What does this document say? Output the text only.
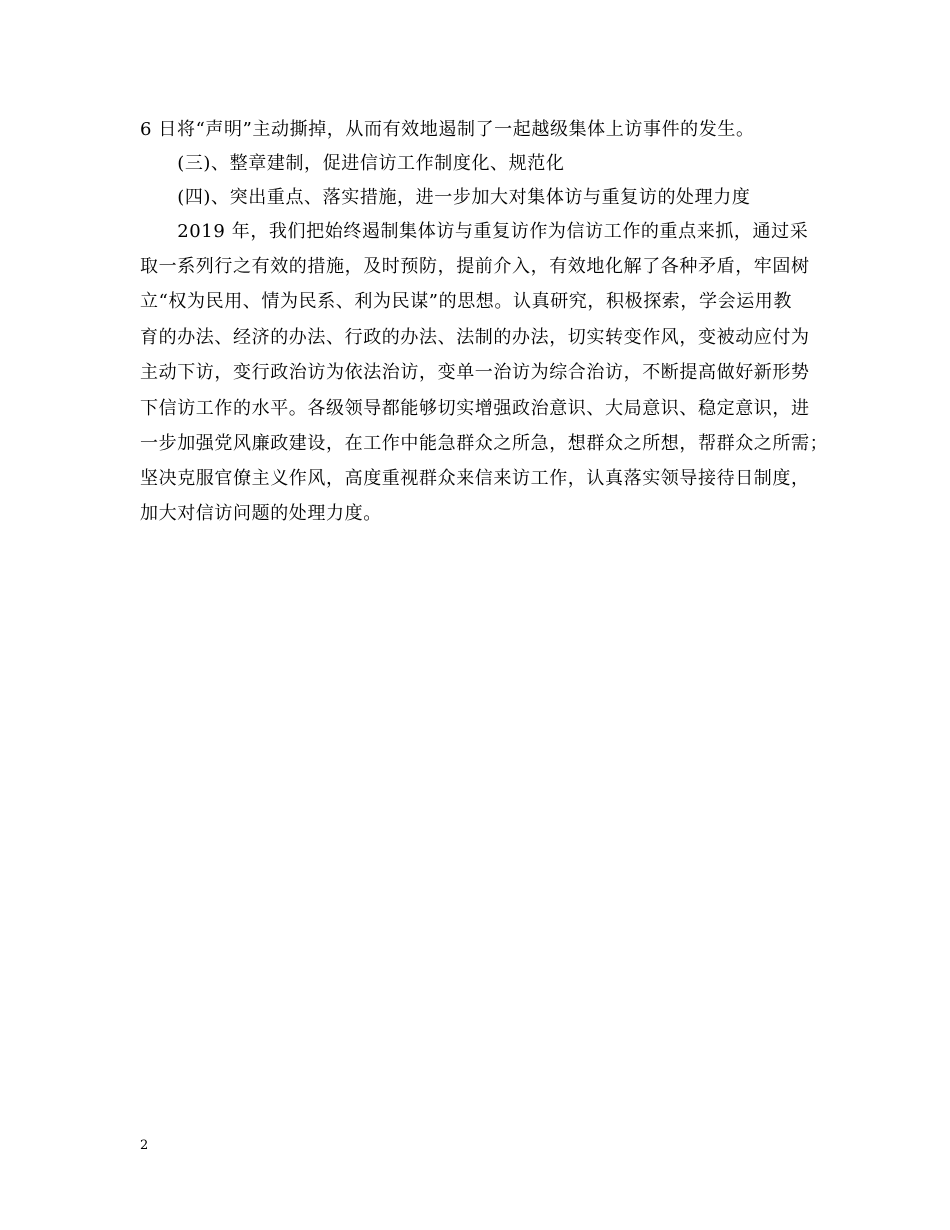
6 日将“声明”主动撕掉，从而有效地遏制了一起越级集体上访事件的发生。
　　(三)、整章建制，促进信访工作制度化、规范化
　　(四)、突出重点、落实措施，进一步加大对集体访与重复访的处理力度
　　2019 年，我们把始终遏制集体访与重复访作为信访工作的重点来抓，通过采
取一系列行之有效的措施，及时预防，提前介入，有效地化解了各种矛盾，牢固树
立“权为民用、情为民系、利为民谋”的思想。认真研究，积极探索，学会运用教
育的办法、经济的办法、行政的办法、法制的办法，切实转变作风，变被动应付为
主动下访，变行政治访为依法治访，变单一治访为综合治访，不断提高做好新形势
下信访工作的水平。各级领导都能够切实增强政治意识、大局意识、稳定意识，进
一步加强党风廉政建设，在工作中能急群众之所急，想群众之所想，帮群众之所需；
坚决克服官僚主义作风，高度重视群众来信来访工作，认真落实领导接待日制度，
加大对信访问题的处理力度。
2
